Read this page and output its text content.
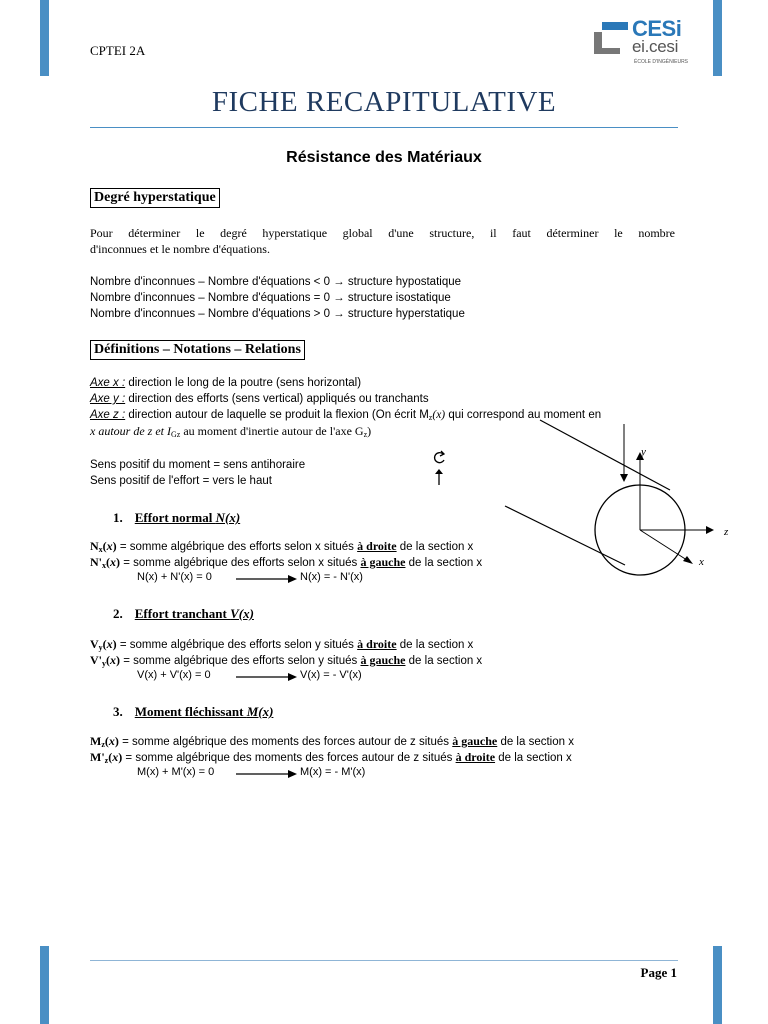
CPTEI 2A
CESi
ei.cesi
ÉCOLE D'INGÉNIEURS
FICHE RECAPITULATIVE
Résistance des Matériaux
Degré hyperstatique
Pour déterminer le degré hyperstatique global d'une structure, il faut déterminer le nombre
d'inconnues et le nombre d'équations.
Nombre d'inconnues – Nombre d'équations < 0 → structure hypostatique
Nombre d'inconnues – Nombre d'équations = 0 → structure isostatique
Nombre d'inconnues – Nombre d'équations > 0 → structure hyperstatique
Définitions – Notations – Relations
Axe x : direction le long de la poutre (sens horizontal)
Axe y : direction des efforts (sens vertical) appliqués ou tranchants
Axe z : direction autour de laquelle se produit la flexion (On écrit $M_z(x)$ qui correspond au moment en
x autour de z et $I_{Gz}$ au moment d'inertie autour de l'axe $G_z$)
Sens positif du moment = sens antihoraire
Sens positif de l'effort = vers le haut
y
z
x
1. Effort normal N(x)
$N_x(x)$ = somme algébrique des efforts selon x situés à droite de la section x
$N'_x(x)$ = somme algébrique des efforts selon x situés à gauche de la section x
N(x) + N'(x) = 0	N(x) = - N'(x)
2. Effort tranchant V(x)
$V_y(x)$ = somme algébrique des efforts selon y situés à droite de la section x
$V'_y(x)$ = somme algébrique des efforts selon y situés à gauche de la section x
V(x) + V'(x) = 0	V(x) = - V'(x)
3. Moment fléchissant M(x)
$M_z(x)$ = somme algébrique des moments des forces autour de z situés à gauche de la section x
$M'_z(x)$ = somme algébrique des moments des forces autour de z situés à droite de la section x
M(x) + M'(x) = 0	M(x) = - M'(x)
Page 1
